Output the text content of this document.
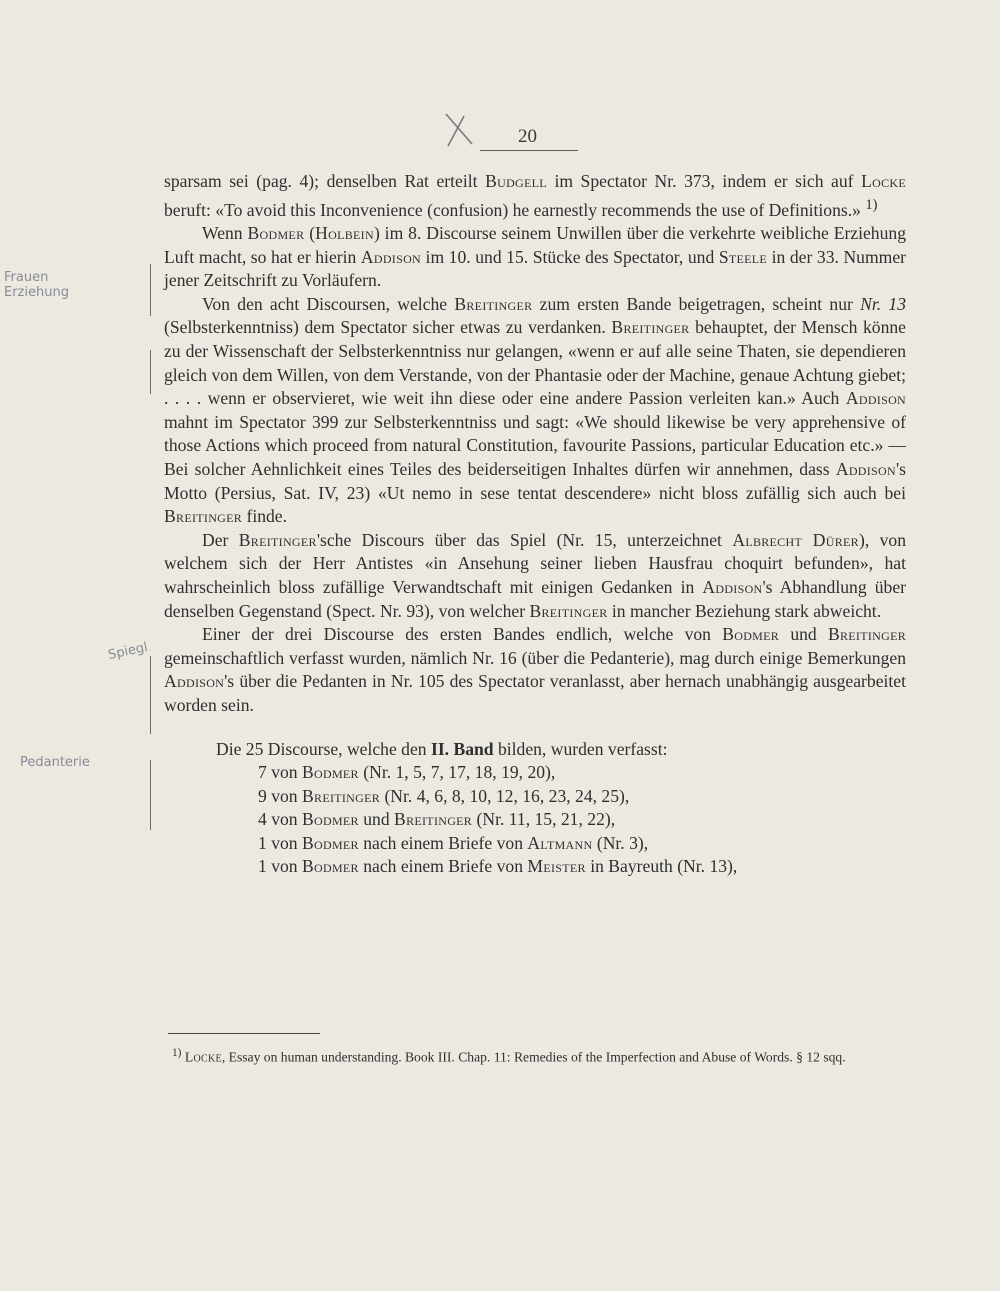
20
Frauen
Erziehung
Spiegl
Pedanterie

sparsam sei (pag. 4); denselben Rat erteilt Budgell im Spectator Nr. 373, indem er sich auf Locke beruft: «To avoid this Inconvenience (confusion) he earnestly recommends the use of Definitions.» $^{1)}$

Wenn Bodmer (Holbein) im 8. Discourse seinem Unwillen über die verkehrte weibliche Erziehung Luft macht, so hat er hierin Addison im 10. und 15. Stücke des Spectator, und Steele in der 33. Nummer jener Zeitschrift zu Vorläufern.

Von den acht Discoursen, welche Breitinger zum ersten Bande beigetragen, scheint nur Nr. 13 (Selbsterkenntniss) dem Spectator sicher etwas zu verdanken. Breitinger behauptet, der Mensch könne zu der Wissenschaft der Selbsterkenntniss nur gelangen, «wenn er auf alle seine Thaten, sie dependieren gleich von dem Willen, von dem Verstande, von der Phantasie oder der Machine, genaue Achtung giebet; . . . . wenn er observieret, wie weit ihn diese oder eine andere Passion verleiten kan.» Auch Addison mahnt im Spectator 399 zur Selbsterkenntniss und sagt: «We should likewise be very apprehensive of those Actions which proceed from natural Constitution, favourite Passions, particular Education etc.» — Bei solcher Aehnlichkeit eines Teiles des beiderseitigen Inhaltes dürfen wir annehmen, dass Addison's Motto (Persius, Sat. IV, 23) «Ut nemo in sese tentat descendere» nicht bloss zufällig sich auch bei Breitinger finde.

Der Breitinger'sche Discours über das Spiel (Nr. 15, unterzeichnet Albrecht Dürer), von welchem sich der Herr Antistes «in Ansehung seiner lieben Hausfrau choquirt befunden», hat wahrscheinlich bloss zufällige Verwandtschaft mit einigen Gedanken in Addison's Abhandlung über denselben Gegenstand (Spect. Nr. 93), von welcher Breitinger in mancher Beziehung stark abweicht.

Einer der drei Discourse des ersten Bandes endlich, welche von Bodmer und Breitinger gemeinschaftlich verfasst wurden, nämlich Nr. 16 (über die Pedanterie), mag durch einige Bemerkungen Addison's über die Pedanten in Nr. 105 des Spectator veranlasst, aber hernach unabhängig ausgearbeitet worden sein.

Die 25 Discourse, welche den II. Band bilden, wurden verfasst:

7 von Bodmer (Nr. 1, 5, 7, 17, 18, 19, 20),

9 von Breitinger (Nr. 4, 6, 8, 10, 12, 16, 23, 24, 25),

4 von Bodmer und Breitinger (Nr. 11, 15, 21, 22),

1 von Bodmer nach einem Briefe von Altmann (Nr. 3),

1 von Bodmer nach einem Briefe von Meister in Bayreuth (Nr. 13),

$^{1)}$ Locke, Essay on human understanding. Book III. Chap. 11: Remedies of the Imperfection and Abuse of Words. § 12 sqq.
